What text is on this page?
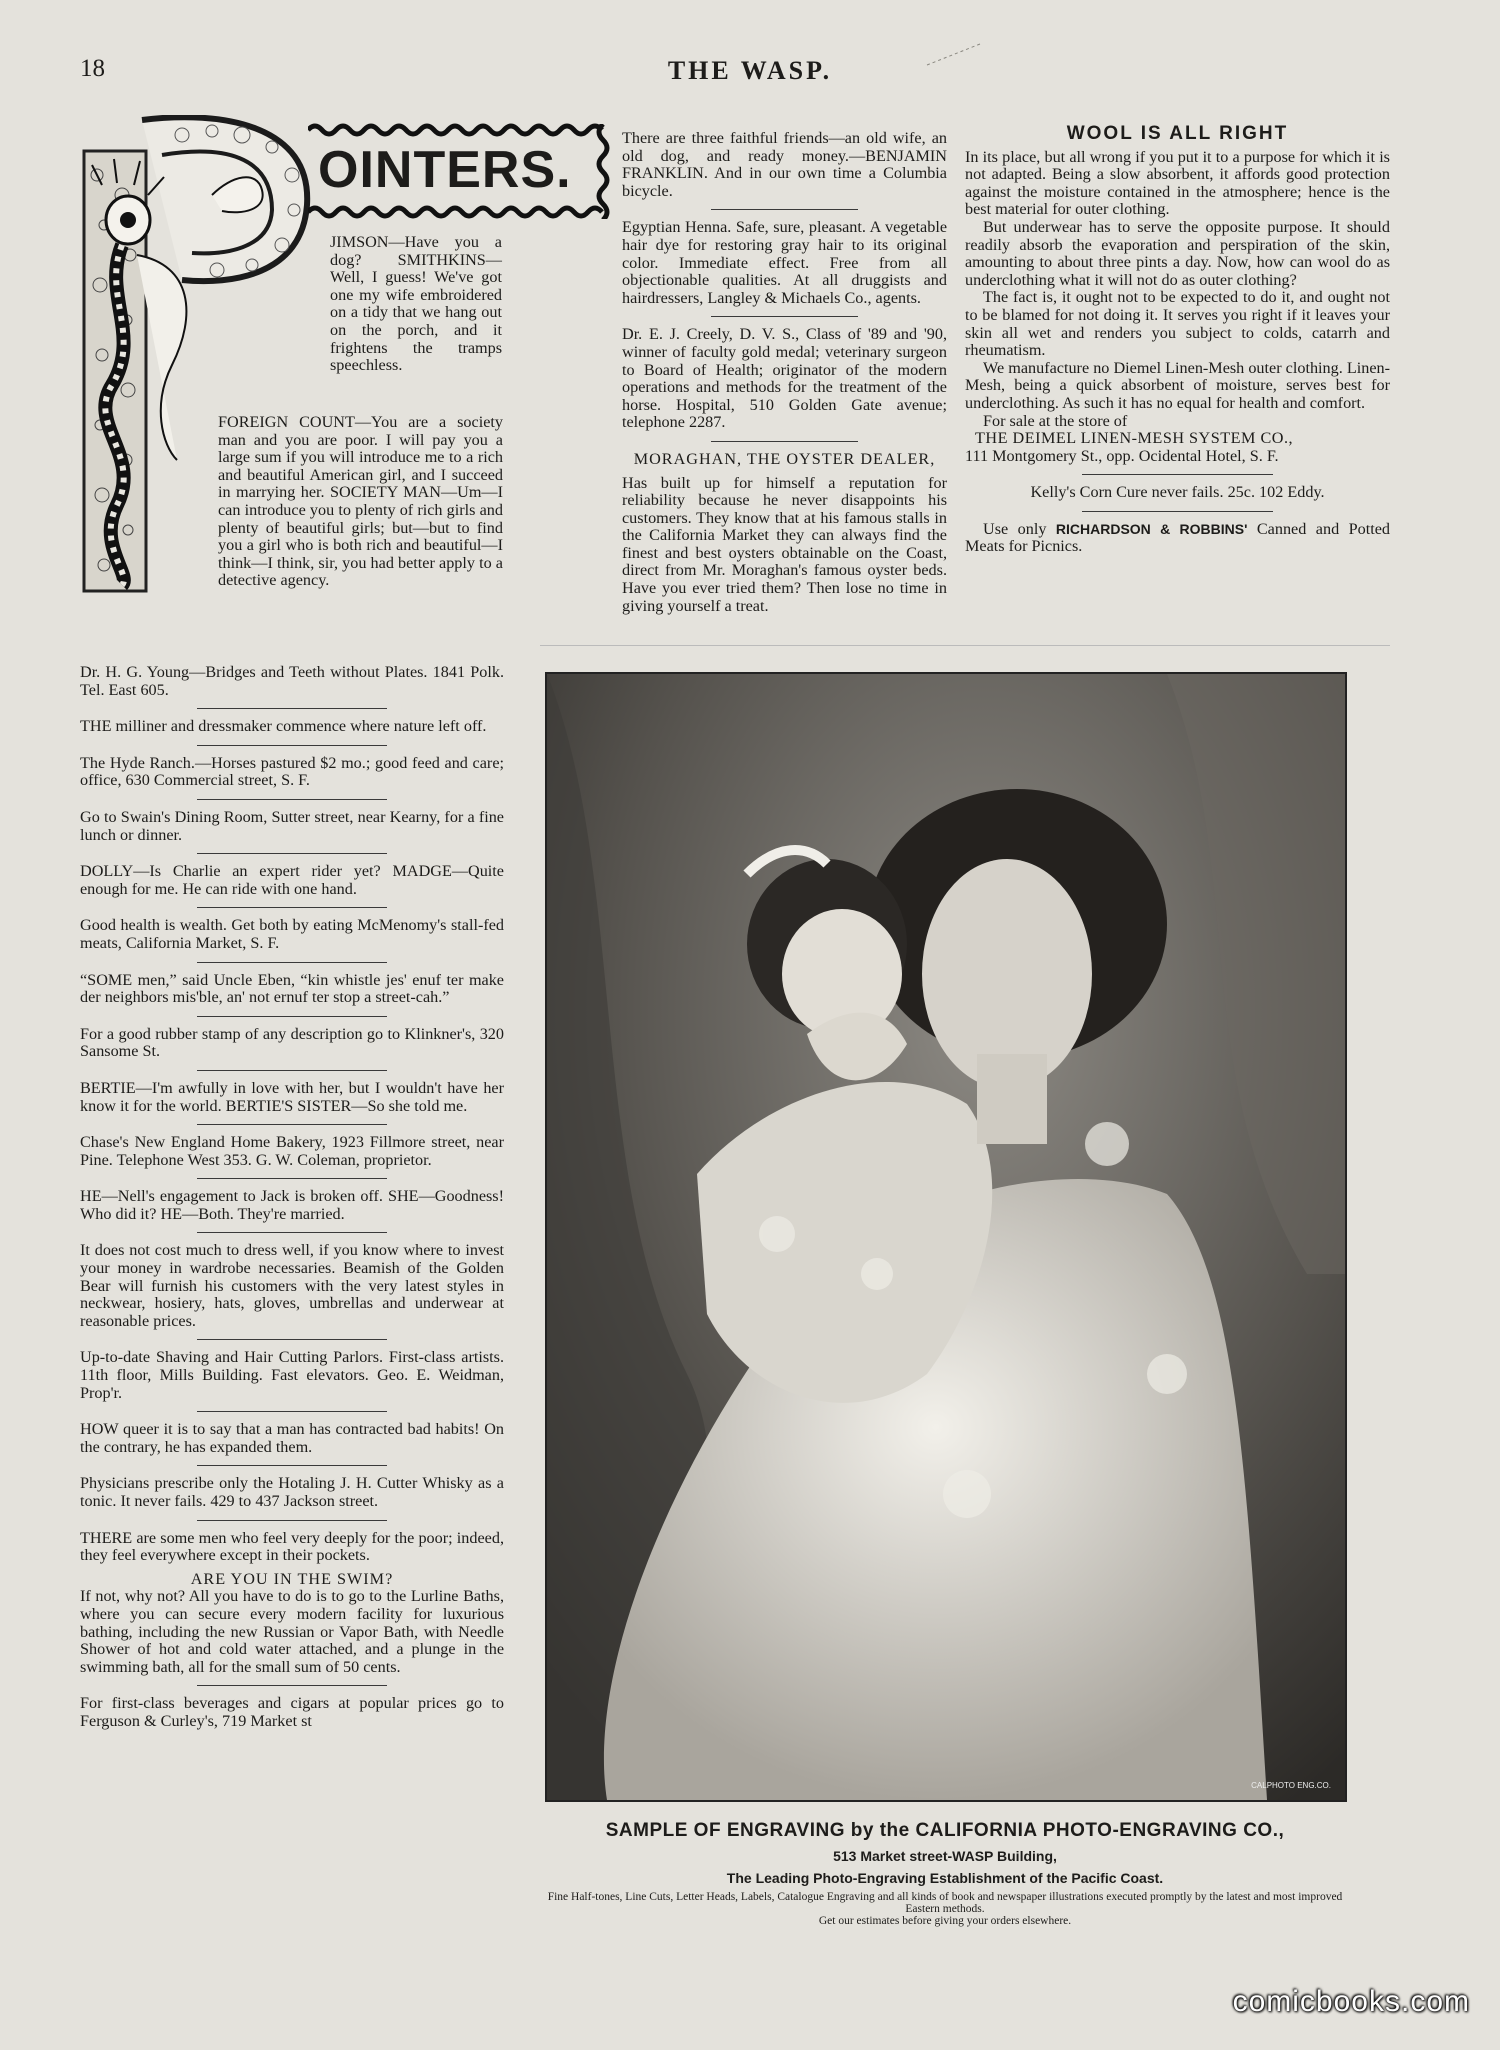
18	THE WASP.
OINTERS.
JIMSON—Have you a dog? SMITHKINS—Well, I guess! We've got one my wife embroidered on a tidy that we hang out on the porch, and it frightens the tramps speechless.
FOREIGN COUNT—You are a society man and you are poor. I will pay you a large sum if you will introduce me to a rich and beautiful American girl, and I succeed in marrying her. SOCIETY MAN—Um—I can introduce you to plenty of rich girls and plenty of beautiful girls; but—but to find you a girl who is both rich and beautiful—I think—I think, sir, you had better apply to a detective agency.

Dr. H. G. Young—Bridges and Teeth without Plates. 1841 Polk. Tel. East 605.

THE milliner and dressmaker commence where nature left off.

The Hyde Ranch.—Horses pastured $2 mo.; good feed and care; office, 630 Commercial street, S. F.

Go to Swain's Dining Room, Sutter street, near Kearny, for a fine lunch or dinner.

DOLLY—Is Charlie an expert rider yet? MADGE—Quite enough for me. He can ride with one hand.

Good health is wealth. Get both by eating McMenomy's stall-fed meats, California Market, S. F.

“SOME men,” said Uncle Eben, “kin whistle jes' enuf ter make der neighbors mis'ble, an' not ernuf ter stop a street-cah.”

For a good rubber stamp of any description go to Klinkner's, 320 Sansome St.

BERTIE—I'm awfully in love with her, but I wouldn't have her know it for the world. BERTIE'S SISTER—So she told me.

Chase's New England Home Bakery, 1923 Fillmore street, near Pine. Telephone West 353. G. W. Coleman, proprietor.

HE—Nell's engagement to Jack is broken off. SHE—Goodness! Who did it? HE—Both. They're married.

It does not cost much to dress well, if you know where to invest your money in wardrobe necessaries. Beamish of the Golden Bear will furnish his customers with the very latest styles in neckwear, hosiery, hats, gloves, umbrellas and underwear at reasonable prices.

Up-to-date Shaving and Hair Cutting Parlors. First-class artists. 11th floor, Mills Building. Fast elevators. Geo. E. Weidman, Prop'r.

HOW queer it is to say that a man has contracted bad habits! On the contrary, he has expanded them.

Physicians prescribe only the Hotaling J. H. Cutter Whisky as a tonic. It never fails. 429 to 437 Jackson street.

THERE are some men who feel very deeply for the poor; indeed, they feel everywhere except in their pockets.

ARE YOU IN THE SWIM?

If not, why not? All you have to do is to go to the Lurline Baths, where you can secure every modern facility for luxurious bathing, including the new Russian or Vapor Bath, with Needle Shower of hot and cold water attached, and a plunge in the swimming bath, all for the small sum of 50 cents.

For first-class beverages and cigars at popular prices go to Ferguson & Curley's, 719 Market st

There are three faithful friends—an old wife, an old dog, and ready money.—BENJAMIN FRANKLIN. And in our own time a Columbia bicycle.

Egyptian Henna. Safe, sure, pleasant. A vegetable hair dye for restoring gray hair to its original color. Immediate effect. Free from all objectionable qualities. At all druggists and hairdressers, Langley & Michaels Co., agents.

Dr. E. J. Creely, D. V. S., Class of '89 and '90, winner of faculty gold medal; veterinary surgeon to Board of Health; originator of the modern operations and methods for the treatment of the horse. Hospital, 510 Golden Gate avenue; telephone 2287.

MORAGHAN, THE OYSTER DEALER,

Has built up for himself a reputation for reliability because he never disappoints his customers. They know that at his famous stalls in the California Market they can always find the finest and best oysters obtainable on the Coast, direct from Mr. Moraghan's famous oyster beds. Have you ever tried them? Then lose no time in giving yourself a treat.

WOOL IS ALL RIGHT

In its place, but all wrong if you put it to a purpose for which it is not adapted. Being a slow absorbent, it affords good protection against the moisture contained in the atmosphere; hence is the best material for outer clothing.

But underwear has to serve the opposite purpose. It should readily absorb the evaporation and perspiration of the skin, amounting to about three pints a day. Now, how can wool do as underclothing what it will not do as outer clothing?

The fact is, it ought not to be expected to do it, and ought not to be blamed for not doing it. It serves you right if it leaves your skin all wet and renders you subject to colds, catarrh and rheumatism.

We manufacture no Diemel Linen-Mesh outer clothing. Linen-Mesh, being a quick absorbent of moisture, serves best for underclothing. As such it has no equal for health and comfort.

For sale at the store of

THE DEIMEL LINEN-MESH SYSTEM CO.,

111 Montgomery St., opp. Ocidental Hotel, S. F.

Kelly's Corn Cure never fails. 25c. 102 Eddy.

Use only RICHARDSON & ROBBINS' Canned and Potted Meats for Picnics.

CALPHOTO ENG.CO.
SAMPLE OF ENGRAVING by the CALIFORNIA PHOTO-ENGRAVING CO.,
513 Market street-WASP Building,
The Leading Photo-Engraving Establishment of the Pacific Coast.
Fine Half-tones, Line Cuts, Letter Heads, Labels, Catalogue Engraving and all kinds of book and newspaper illustrations executed promptly by the latest and most improved Eastern methods.
Get our estimates before giving your orders elsewhere.
comicbooks.com
